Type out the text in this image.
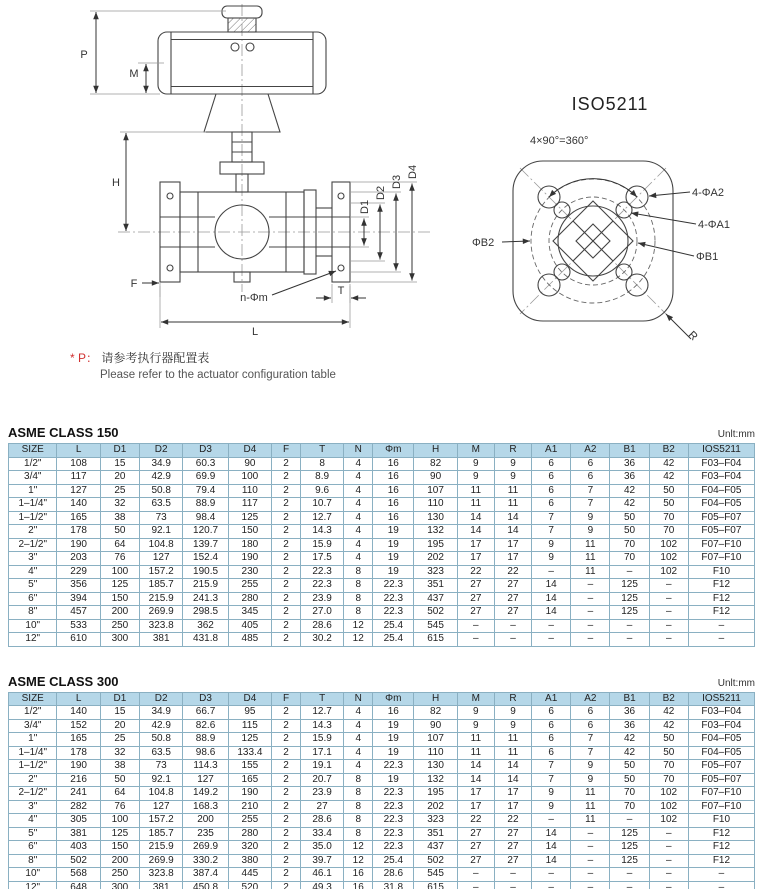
P
M
H
F
D1
D2
D3
D4
n-Φm
T
L
ISO5211
4×90°=360°
4-ΦA2
4-ΦA1
ΦB2
ΦB1
R
* P： 请参考执行器配置表
Please refer to the actuator configuration table
ASME CLASS 150	Unlt:mm
SIZE	L	D1	D2	D3	D4	F	T	N	Φm	H	M	R	A1	A2	B1	B2	IOS5211
1/2"	108	15	34.9	60.3	90	2	8	4	16	82	9	9	6	6	36	42	F03–F04
3/4"	117	20	42.9	69.9	100	2	8.9	4	16	90	9	9	6	6	36	42	F03–F04
1"	127	25	50.8	79.4	110	2	9.6	4	16	107	11	11	6	7	42	50	F04–F05
1–1/4"	140	32	63.5	88.9	117	2	10.7	4	16	110	11	11	6	7	42	50	F04–F05
1–1/2"	165	38	73	98.4	125	2	12.7	4	16	130	14	14	7	9	50	70	F05–F07
2"	178	50	92.1	120.7	150	2	14.3	4	19	132	14	14	7	9	50	70	F05–F07
2–1/2"	190	64	104.8	139.7	180	2	15.9	4	19	195	17	17	9	11	70	102	F07–F10
3"	203	76	127	152.4	190	2	17.5	4	19	202	17	17	9	11	70	102	F07–F10
4"	229	100	157.2	190.5	230	2	22.3	8	19	323	22	22	–	11	–	102	F10
5"	356	125	185.7	215.9	255	2	22.3	8	22.3	351	27	27	14	–	125	–	F12
6"	394	150	215.9	241.3	280	2	23.9	8	22.3	437	27	27	14	–	125	–	F12
8"	457	200	269.9	298.5	345	2	27.0	8	22.3	502	27	27	14	–	125	–	F12
10"	533	250	323.8	362	405	2	28.6	12	25.4	545	–	–	–	–	–	–	–
12"	610	300	381	431.8	485	2	30.2	12	25.4	615	–	–	–	–	–	–	–
ASME CLASS 300	Unlt:mm
SIZE	L	D1	D2	D3	D4	F	T	N	Φm	H	M	R	A1	A2	B1	B2	IOS5211
1/2"	140	15	34.9	66.7	95	2	12.7	4	16	82	9	9	6	6	36	42	F03–F04
3/4"	152	20	42.9	82.6	115	2	14.3	4	19	90	9	9	6	6	36	42	F03–F04
1"	165	25	50.8	88.9	125	2	15.9	4	19	107	11	11	6	7	42	50	F04–F05
1–1/4"	178	32	63.5	98.6	133.4	2	17.1	4	19	110	11	11	6	7	42	50	F04–F05
1–1/2"	190	38	73	114.3	155	2	19.1	4	22.3	130	14	14	7	9	50	70	F05–F07
2"	216	50	92.1	127	165	2	20.7	8	19	132	14	14	7	9	50	70	F05–F07
2–1/2"	241	64	104.8	149.2	190	2	23.9	8	22.3	195	17	17	9	11	70	102	F07–F10
3"	282	76	127	168.3	210	2	27	8	22.3	202	17	17	9	11	70	102	F07–F10
4"	305	100	157.2	200	255	2	28.6	8	22.3	323	22	22	–	11	–	102	F10
5"	381	125	185.7	235	280	2	33.4	8	22.3	351	27	27	14	–	125	–	F12
6"	403	150	215.9	269.9	320	2	35.0	12	22.3	437	27	27	14	–	125	–	F12
8"	502	200	269.9	330.2	380	2	39.7	12	25.4	502	27	27	14	–	125	–	F12
10"	568	250	323.8	387.4	445	2	46.1	16	28.6	545	–	–	–	–	–	–	–
12"	648	300	381	450.8	520	2	49.3	16	31.8	615	–	–	–	–	–	–	–
